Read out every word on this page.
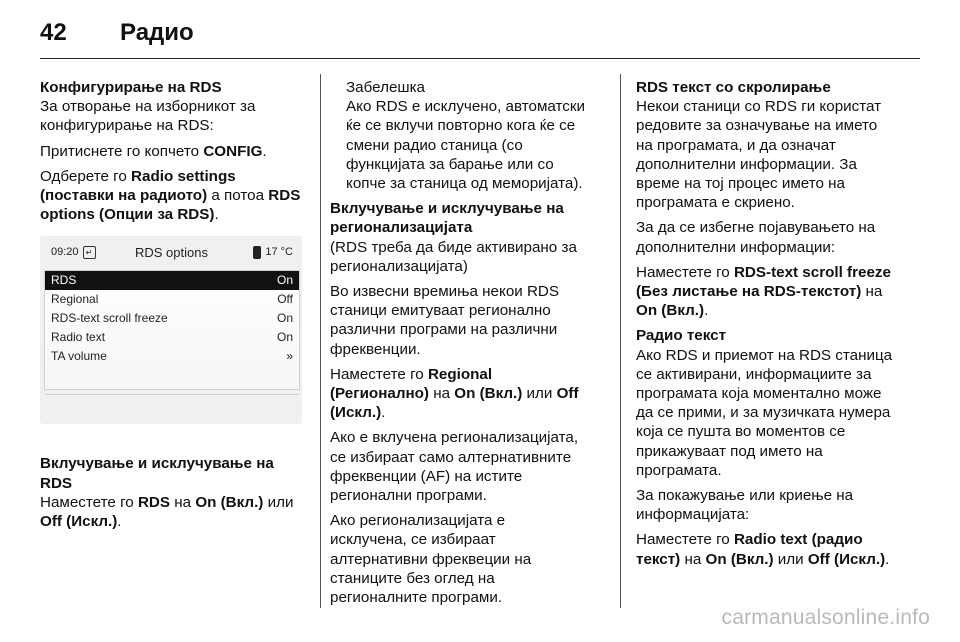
42	Радио

Конфигурирање на RDS

За отворање на изборникот за
конфигурирање на RDS:

Притиснете го копчето CONFIG.

Одберете го Radio settings
(поставки на радиото) а потоа RDS
options (Опции за RDS).

09:20 ↵	RDS options	17 °C
RDS	On
Regional	Off
RDS-text scroll freeze	On
Radio text	On
TA volume	»

Вклучување и исклучување на RDS

Наместете го RDS на On (Вкл.) или
Off (Искл.).

Забелешка

Ако RDS е исклучено, автоматски
ќе се вклучи повторно кога ќе се
смени радио станица (со
функцијата за барање или со
копче за станица од меморијата).

Вклучување и исклучување на
регионализацијата

(RDS треба да биде активирано за
регионализацијата)

Во извесни времиња некои RDS
станици емитуваат регионално
различни програми на различни
фреквенции.

Наместете го Regional
(Регионално) на On (Вкл.) или Off
(Искл.).

Ако е вклучена регионализацијата,
се избираат само алтернативните
фреквенции (AF) на истите
регионални програми.

Ако регионализацијата е
исклучена, се избираат
алтернативни фреквеции на
станиците без оглед на
регионалните програми.

RDS текст со скролирање

Некои станици со RDS ги користат
редовите за означување на името
на програмата, и да означат
дополнителни информации. За
време на тој процес името на
програмата е скриено.

За да се избегне појавувањето на
дополнителни информации:

Наместете го RDS-text scroll freeze
(Без листање на RDS-текстот) на
On (Вкл.).

Радио текст

Ако RDS и приемот на RDS станица
се активирани, информациите за
програмата која моментално може
да се прими, и за музичката нумера
која се пушта во моментов се
прикажуваат под името на
програмата.

За покажување или криење на
информацијата:

Наместете го Radio text (радио
текст) на On (Вкл.) или Off (Искл.).

carmanualsonline.info
